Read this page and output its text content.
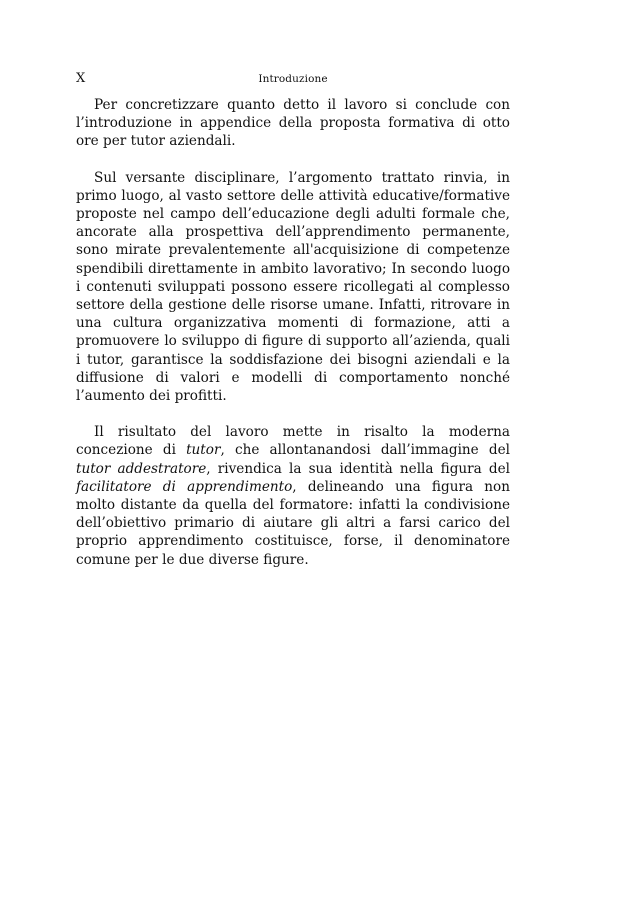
X	Introduzione

Per concretizzare quanto detto il lavoro si conclude con l’introduzione in appendice della proposta formativa di otto ore per tutor aziendali.

Sul versante disciplinare, l’argomento trattato rinvia, in primo luogo, al vasto settore delle attività educative/formative proposte nel campo dell’educazione degli adulti formale che, ancorate alla prospettiva dell’apprendimento permanente, sono mirate prevalentemente all'acquisizione di competenze spendibili direttamente in ambito lavorativo; In secondo luogo i contenuti sviluppati possono essere ricollegati al complesso settore della gestione delle risorse umane. Infatti, ritrovare in una cultura organizzativa momenti di formazione, atti a promuovere lo sviluppo di figure di supporto all’azienda, quali i tutor, garantisce la soddisfazione dei bisogni aziendali e la diffusione di valori e modelli di comportamento nonché l’aumento dei profitti.

Il risultato del lavoro mette in risalto la moderna concezione di tutor, che allontanandosi dall’immagine del tutor addestratore, rivendica la sua identità nella figura del facilitatore di apprendimento, delineando una figura non molto distante da quella del formatore: infatti la condivisione dell’obiettivo primario di aiutare gli altri a farsi carico del proprio apprendimento costituisce, forse, il denominatore comune per le due diverse figure.
